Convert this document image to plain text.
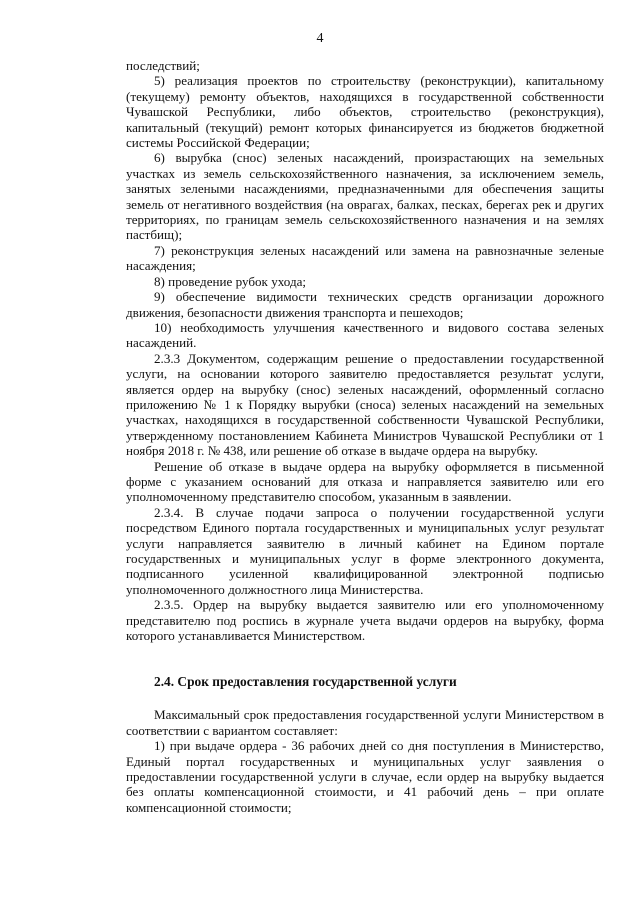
4

последствий;

5) реализация проектов по строительству (реконструкции), капитальному (текущему) ремонту объектов, находящихся в государственной собственности Чувашской Республики, либо объектов, строительство (реконструкция), капитальный (текущий) ремонт которых финансируется из бюджетов бюджетной системы Российской Федерации;

6) вырубка (снос) зеленых насаждений, произрастающих на земельных участках из земель сельскохозяйственного назначения, за исключением земель, занятых зелеными насаждениями, предназначенными для обеспечения защиты земель от негативного воздействия (на оврагах, балках, песках, берегах рек и других территориях, по границам земель сельскохозяйственного назначения и на землях пастбищ);

7) реконструкция зеленых насаждений или замена на равнозначные зеленые насаждения;

8) проведение рубок ухода;

9) обеспечение видимости технических средств организации дорожного движения, безопасности движения транспорта и пешеходов;

10) необходимость улучшения качественного и видового состава зеленых насаждений.

2.3.3 Документом, содержащим решение о предоставлении государственной услуги, на основании которого заявителю предоставляется результат услуги, является ордер на вырубку (снос) зеленых насаждений, оформленный согласно приложению № 1 к Порядку вырубки (сноса) зеленых насаждений на земельных участках, находящихся в государственной собственности Чувашской Республики, утвержденному постановлением Кабинета Министров Чувашской Республики от 1 ноября 2018 г. № 438, или решение об отказе в выдаче ордера на вырубку.

Решение об отказе в выдаче ордера на вырубку оформляется в письменной форме с указанием оснований для отказа и направляется заявителю или его уполномоченному представителю способом, указанным в заявлении.

2.3.4. В случае подачи запроса о получении государственной услуги посредством Единого портала государственных и муниципальных услуг результат услуги направляется заявителю в личный кабинет на Едином портале государственных и муниципальных услуг в форме электронного документа, подписанного усиленной квалифицированной электронной подписью уполномоченного должностного лица Министерства.

2.3.5. Ордер на вырубку выдается заявителю или его уполномоченному представителю под роспись в журнале учета выдачи ордеров на вырубку, форма которого устанавливается Министерством.

2.4. Срок предоставления государственной услуги

Максимальный срок предоставления государственной услуги Министерством в соответствии с вариантом составляет:

1) при выдаче ордера - 36 рабочих дней со дня поступления в Министерство, Единый портал государственных и муниципальных услуг заявления о предоставлении государственной услуги в случае, если ордер на вырубку выдается без оплаты компенсационной стоимости, и 41 рабочий день – при оплате компенсационной стоимости;
